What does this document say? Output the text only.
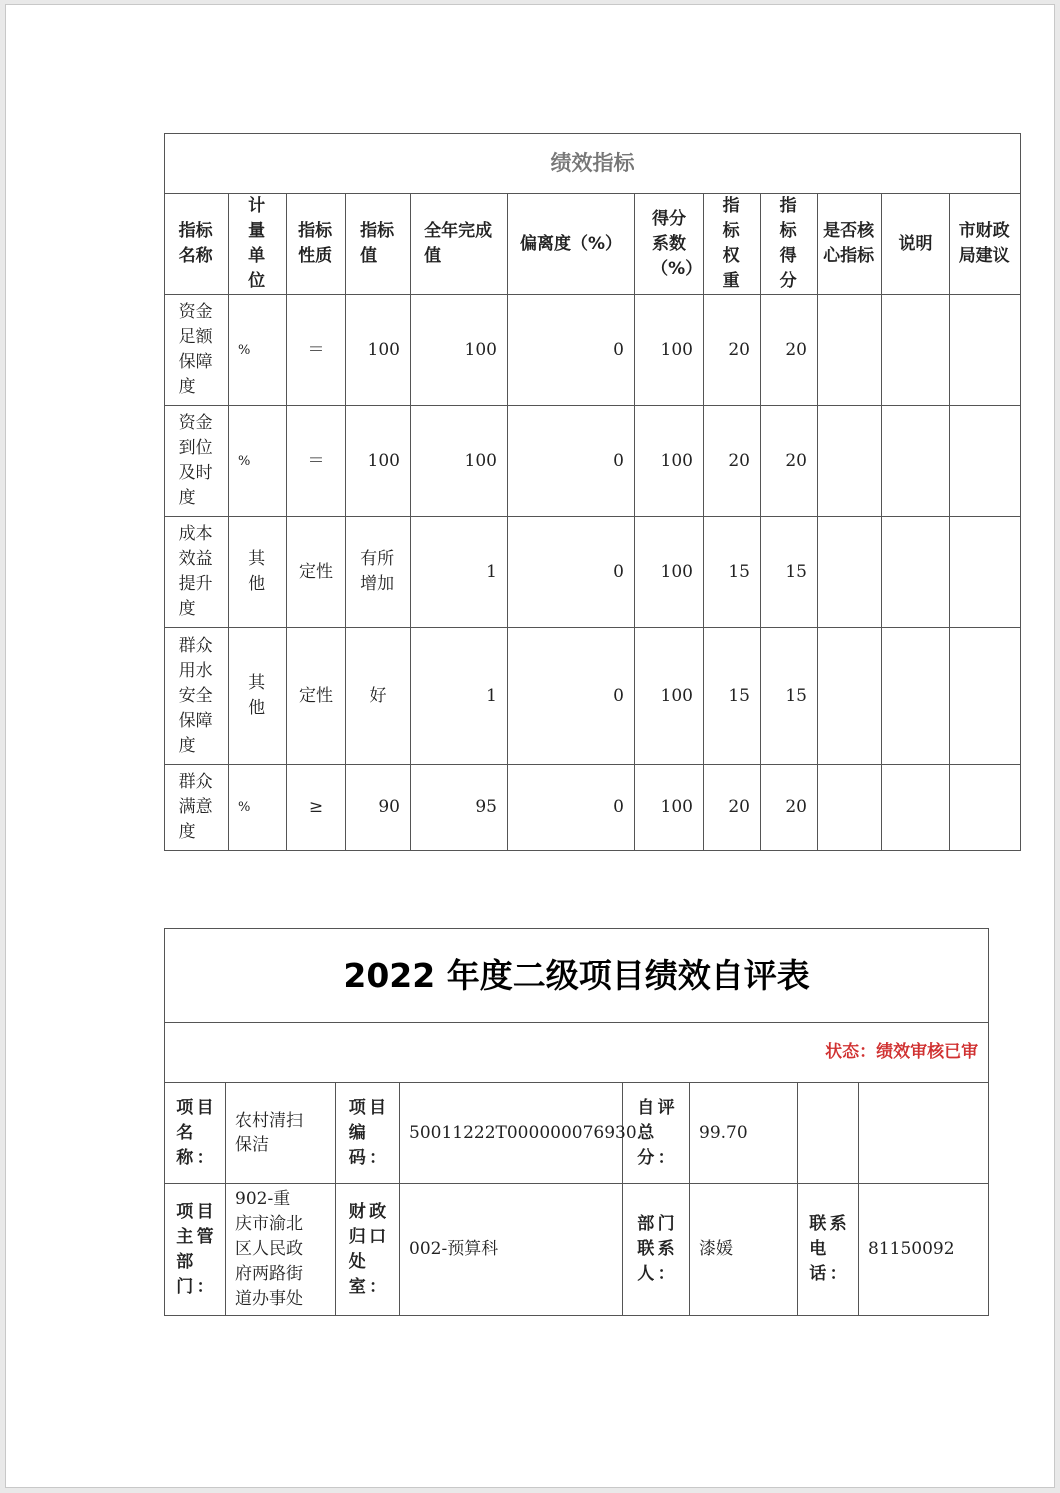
绩效指标											
指标名称	计量单位	指标性质	指标值	全年完成值	偏离度（%）	得分系数（%）	指标权重	指标得分	是否核心指标	说明	市财政局建议
资金足额保障度	%	＝	100	100	0	100	20	20			
资金到位及时度	%	＝	100	100	0	100	20	20			
成本效益提升度	其他	定性	有所增加	1	0	100	15	15			
群众用水安全保障度	其他	定性	好	1	0	100	15	15			
群众满意度	%	≥	90	95	0	100	20	20			
2022 年度二级项目绩效自评表							
状态：绩效审核已审							
项目名称：	农村清扫保洁	项目编码：	50011222T000000076930	自评总分：	99.70		
项目主管部门：	902-重庆市渝北区人民政府两路街道办事处	财政归口处室：	002-预算科	部门联系人：	漆媛	联系电话：	81150092
